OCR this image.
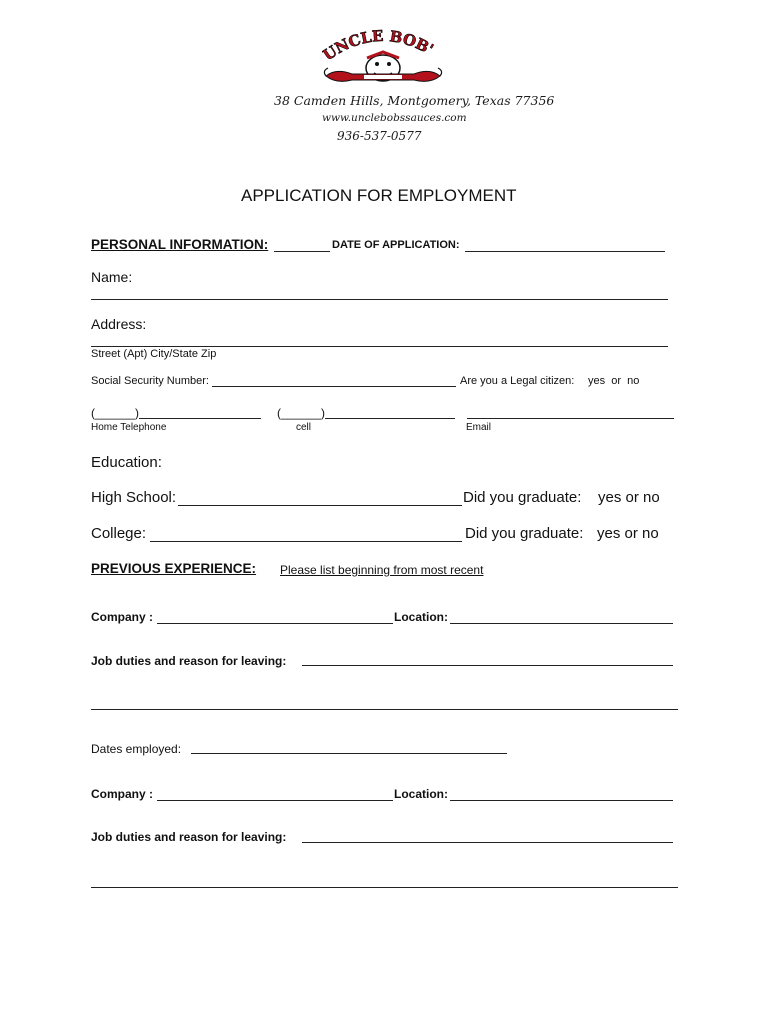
NCLE BOB'
38 Camden Hills, Montgomery, Texas 77356
www.unclebobssauces.com
936-537-0577
APPLICATION FOR EMPLOYMENT
PERSONAL INFORMATION:	DATE OF APPLICATION:
Name:
Address:
Street (Apt) City/State Zip
Social Security Number:	Are you a Legal citizen: yes  or  no
(______)	(______)
Home Telephone	cell	Email
Education:
High School:	Did you graduate: yes or no
College:	Did you graduate: yes or no
PREVIOUS EXPERIENCE: Please list beginning from most recent
Company :	Location:
Job duties and reason for leaving:
Dates employed:
Company :	Location:
Job duties and reason for leaving:
